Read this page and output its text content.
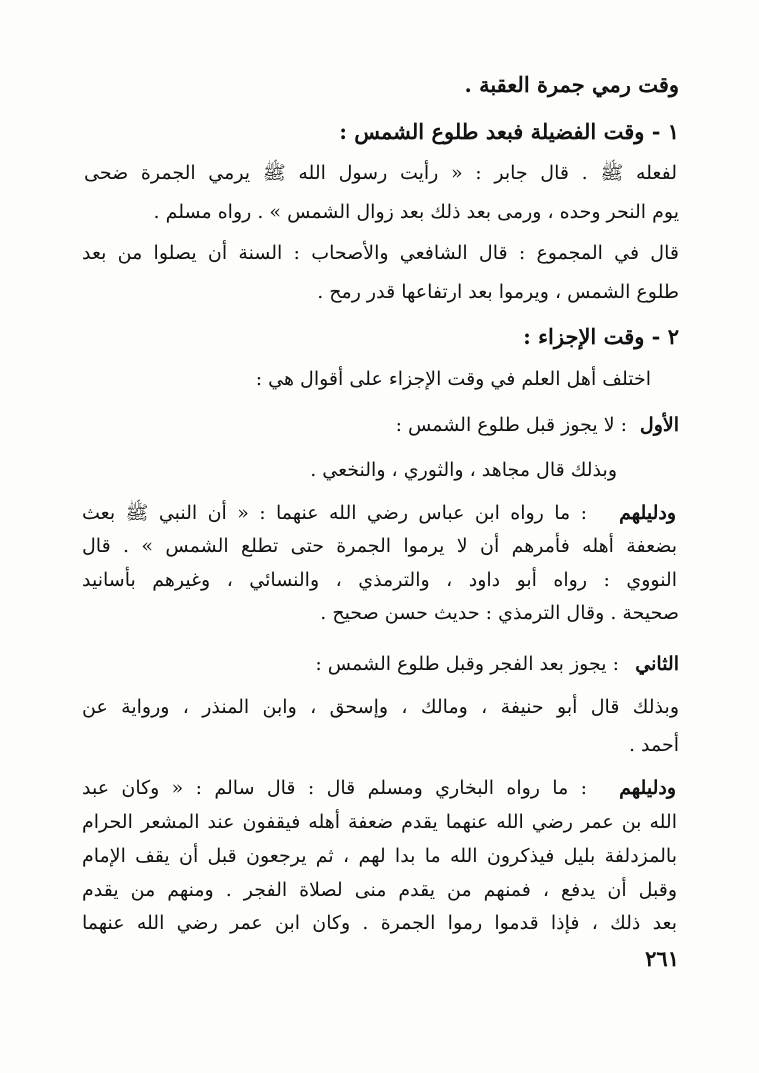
وقت رمي جمرة العقبة .
١ - وقت الفضيلة فبعد طلوع الشمس :
لفعله ﷺ . قال جابر : « رأيت رسول الله ﷺ يرمي الجمرة ضحى
يوم النحر وحده ، ورمى بعد ذلك بعد زوال الشمس » . رواه مسلم .
قال في المجموع : قال الشافعي والأصحاب : السنة أن يصلوا من بعد
طلوع الشمس ، ويرموا بعد ارتفاعها قدر رمح .
٢ - وقت الإجزاء :
اختلف أهل العلم في وقت الإجزاء على أقوال هي :
الأول
: لا يجوز قبل طلوع الشمس :
وبذلك قال مجاهد ، والثوري ، والنخعي .
ودليلهم
: ما رواه ابن عباس رضي الله عنهما : « أن النبي ﷺ بعث
بضعفة أهله فأمرهم أن لا يرموا الجمرة حتى تطلع الشمس » . قال
النووي : رواه أبو داود ، والترمذي ، والنسائي ، وغيرهم بأسانيد
صحيحة . وقال الترمذي : حديث حسن صحيح .
الثاني
: يجوز بعد الفجر وقبل طلوع الشمس :
وبذلك قال أبو حنيفة ، ومالك ، وإسحق ، وابن المنذر ، ورواية عن
أحمد .
ودليلهم
: ما رواه البخاري ومسلم قال : قال سالم : « وكان عبد
الله بن عمر رضي الله عنهما يقدم ضعفة أهله فيقفون عند المشعر الحرام
بالمزدلفة بليل فيذكرون الله ما بدا لهم ، ثم يرجعون قبل أن يقف الإمام
وقبل أن يدفع ، فمنهم من يقدم منى لصلاة الفجر . ومنهم من يقدم
بعد ذلك ، فإذا قدموا رموا الجمرة . وكان ابن عمر رضي الله عنهما
٢٦١
